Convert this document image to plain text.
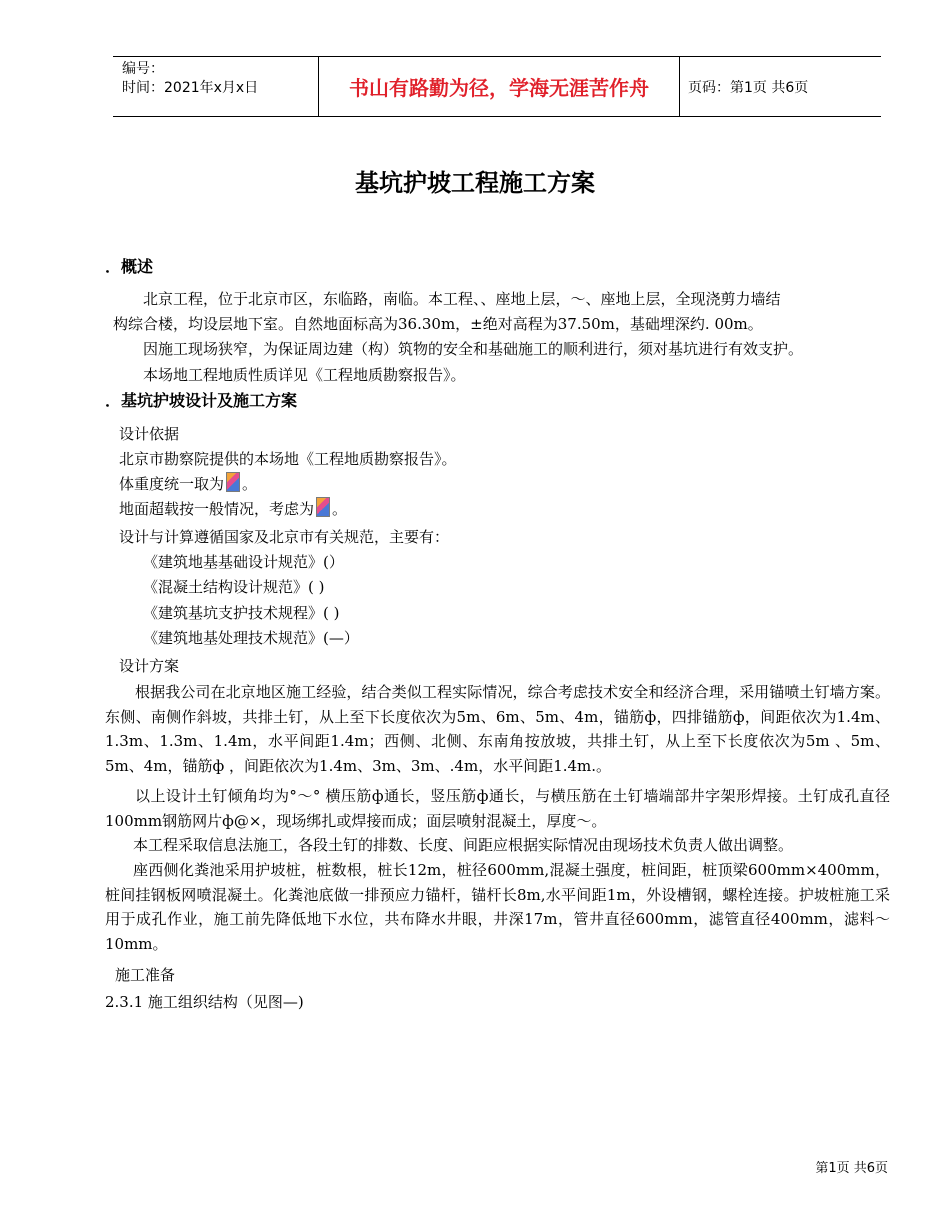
编号：
时间：2021年x月x日	书山有路勤为径，学海无涯苦作舟	页码：第1页 共6页
基坑护坡工程施工方案
．概述
北京工程，位于北京市区，东临路，南临。本工程、、座地上层，～、座地上层，全现浇剪力墙结
构综合楼，均设层地下室。自然地面标高为36.30m，±绝对高程为37.50m，基础埋深约. 00m。
因施工现场狭窄，为保证周边建（构）筑物的安全和基础施工的顺利进行，须对基坑进行有效支护。
本场地工程地质性质详见《工程地质勘察报告》。
．基坑护坡设计及施工方案
设计依据
北京市勘察院提供的本场地《工程地质勘察报告》。
体重度统一取为 。
地面超载按一般情况，考虑为 。
设计与计算遵循国家及北京市有关规范，主要有：
《建筑地基基础设计规范》(）
《混凝土结构设计规范》( )
《建筑基坑支护技术规程》( )
《建筑地基处理技术规范》(—）
设计方案
根据我公司在北京地区施工经验，结合类似工程实际情况，综合考虑技术安全和经济合理，采用锚喷土钉墙方案。东侧、南侧作斜坡，共排土钉，从上至下长度依次为5m、6m、5m、4m，锚筋ф，四排锚筋ф，间距依次为1.4m、1.3m、1.3m、1.4m，水平间距1.4m；西侧、北侧、东南角按放坡，共排土钉，从上至下长度依次为5m 、5m、5m、4m，锚筋ф ，间距依次为1.4m、3m、3m、.4m，水平间距1.4m.。
以上设计土钉倾角均为°～° 横压筋ф通长，竖压筋ф通长，与横压筋在土钉墙端部井字架形焊接。土钉成孔直径100mm钢筋网片ф@×，现场绑扎或焊接而成；面层喷射混凝土，厚度～。
本工程采取信息法施工，各段土钉的排数、长度、间距应根据实际情况由现场技术负责人做出调整。
座西侧化粪池采用护坡桩，桩数根，桩长12m，桩径600mm,混凝土强度，桩间距，桩顶梁600mm×400mm，桩间挂钢板网喷混凝土。化粪池底做一排预应力锚杆，锚杆长8m,水平间距1m，外设槽钢，螺栓连接。护坡桩施工采用于成孔作业，施工前先降低地下水位，共布降水井眼，井深17m，管井直径600mm，滤管直径400mm，滤料～10mm。
施工准备
2.3.1 施工组织结构（见图—)
第1页 共6页
